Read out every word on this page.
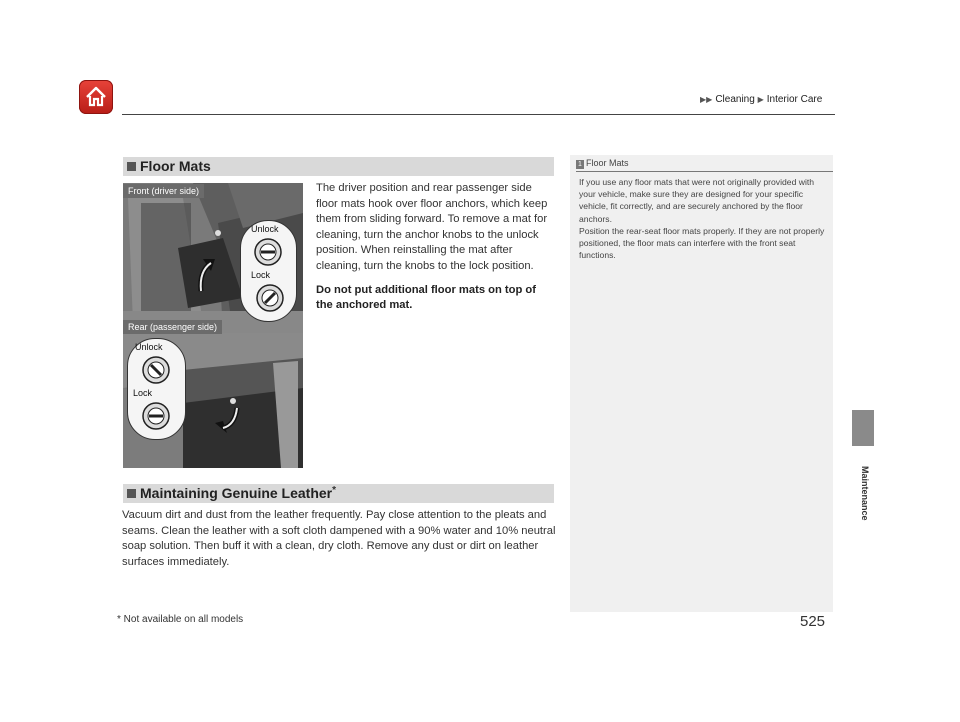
▶▶ Cleaning ▶ Interior Care
Maintenance
Floor Mats
Front (driver side)
Unlock
Lock
Rear (passenger side)
Unlock
Lock

The driver position and rear passenger side floor mats hook over floor anchors, which keep them from sliding forward. To remove a mat for cleaning, turn the anchor knobs to the unlock position. When reinstalling the mat after cleaning, turn the knobs to the lock position.

Do not put additional floor mats on top of the anchored mat.

Maintaining Genuine Leather*

Vacuum dirt and dust from the leather frequently. Pay close attention to the pleats and seams. Clean the leather with a soft cloth dampened with a 90% water and 10% neutral soap solution. Then buff it with a clean, dry cloth. Remove any dust or dirt on leather surfaces immediately.

1 Floor Mats

If you use any floor mats that were not originally provided with your vehicle, make sure they are designed for your specific vehicle, fit correctly, and are securely anchored by the floor anchors.

Position the rear-seat floor mats properly. If they are not properly positioned, the floor mats can interfere with the front seat functions.

* Not available on all models	525
